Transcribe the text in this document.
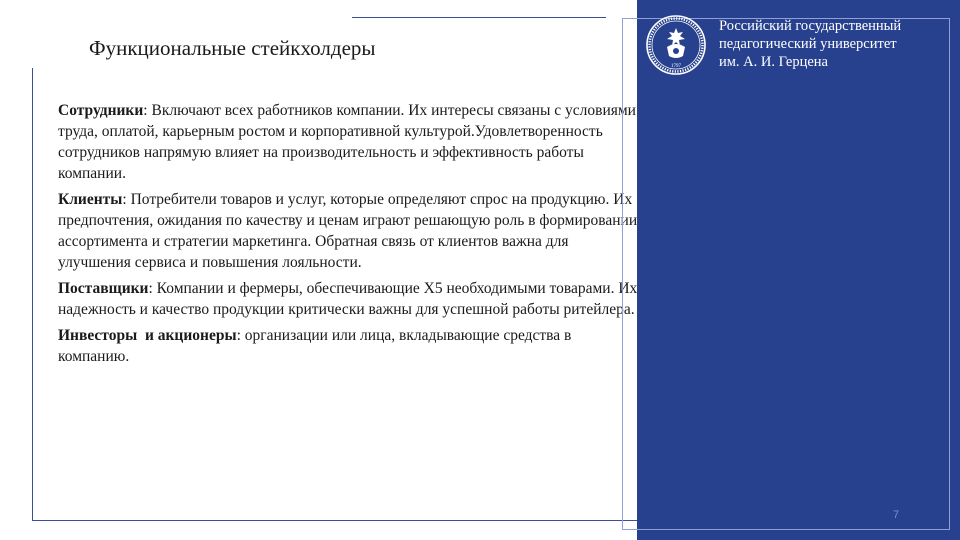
Функциональные стейкхолдеры

Сотрудники: Включают всех работников компании. Их интересы связаны с условиями труда, оплатой, карьерным ростом и корпоративной культурой.Удовлетворенность сотрудников напрямую влияет на производительность и эффективность работы компании.

Клиенты: Потребители товаров и услуг, которые определяют спрос на продукцию. Их предпочтения, ожидания по качеству и ценам играют решающую роль в формировании ассортимента и стратегии маркетинга. Обратная связь от клиентов важна для улучшения сервиса и повышения лояльности.

Поставщики: Компании и фермеры, обеспечивающие Х5 необходимыми товарами. Их надежность и качество продукции критически важны для успешной работы ритейлера.

Инвесторы  и акционеры: организации или лица, вкладывающие средства в компанию.

1797
Российский государственный
педагогический университет
им. А. И. Герцена
7
